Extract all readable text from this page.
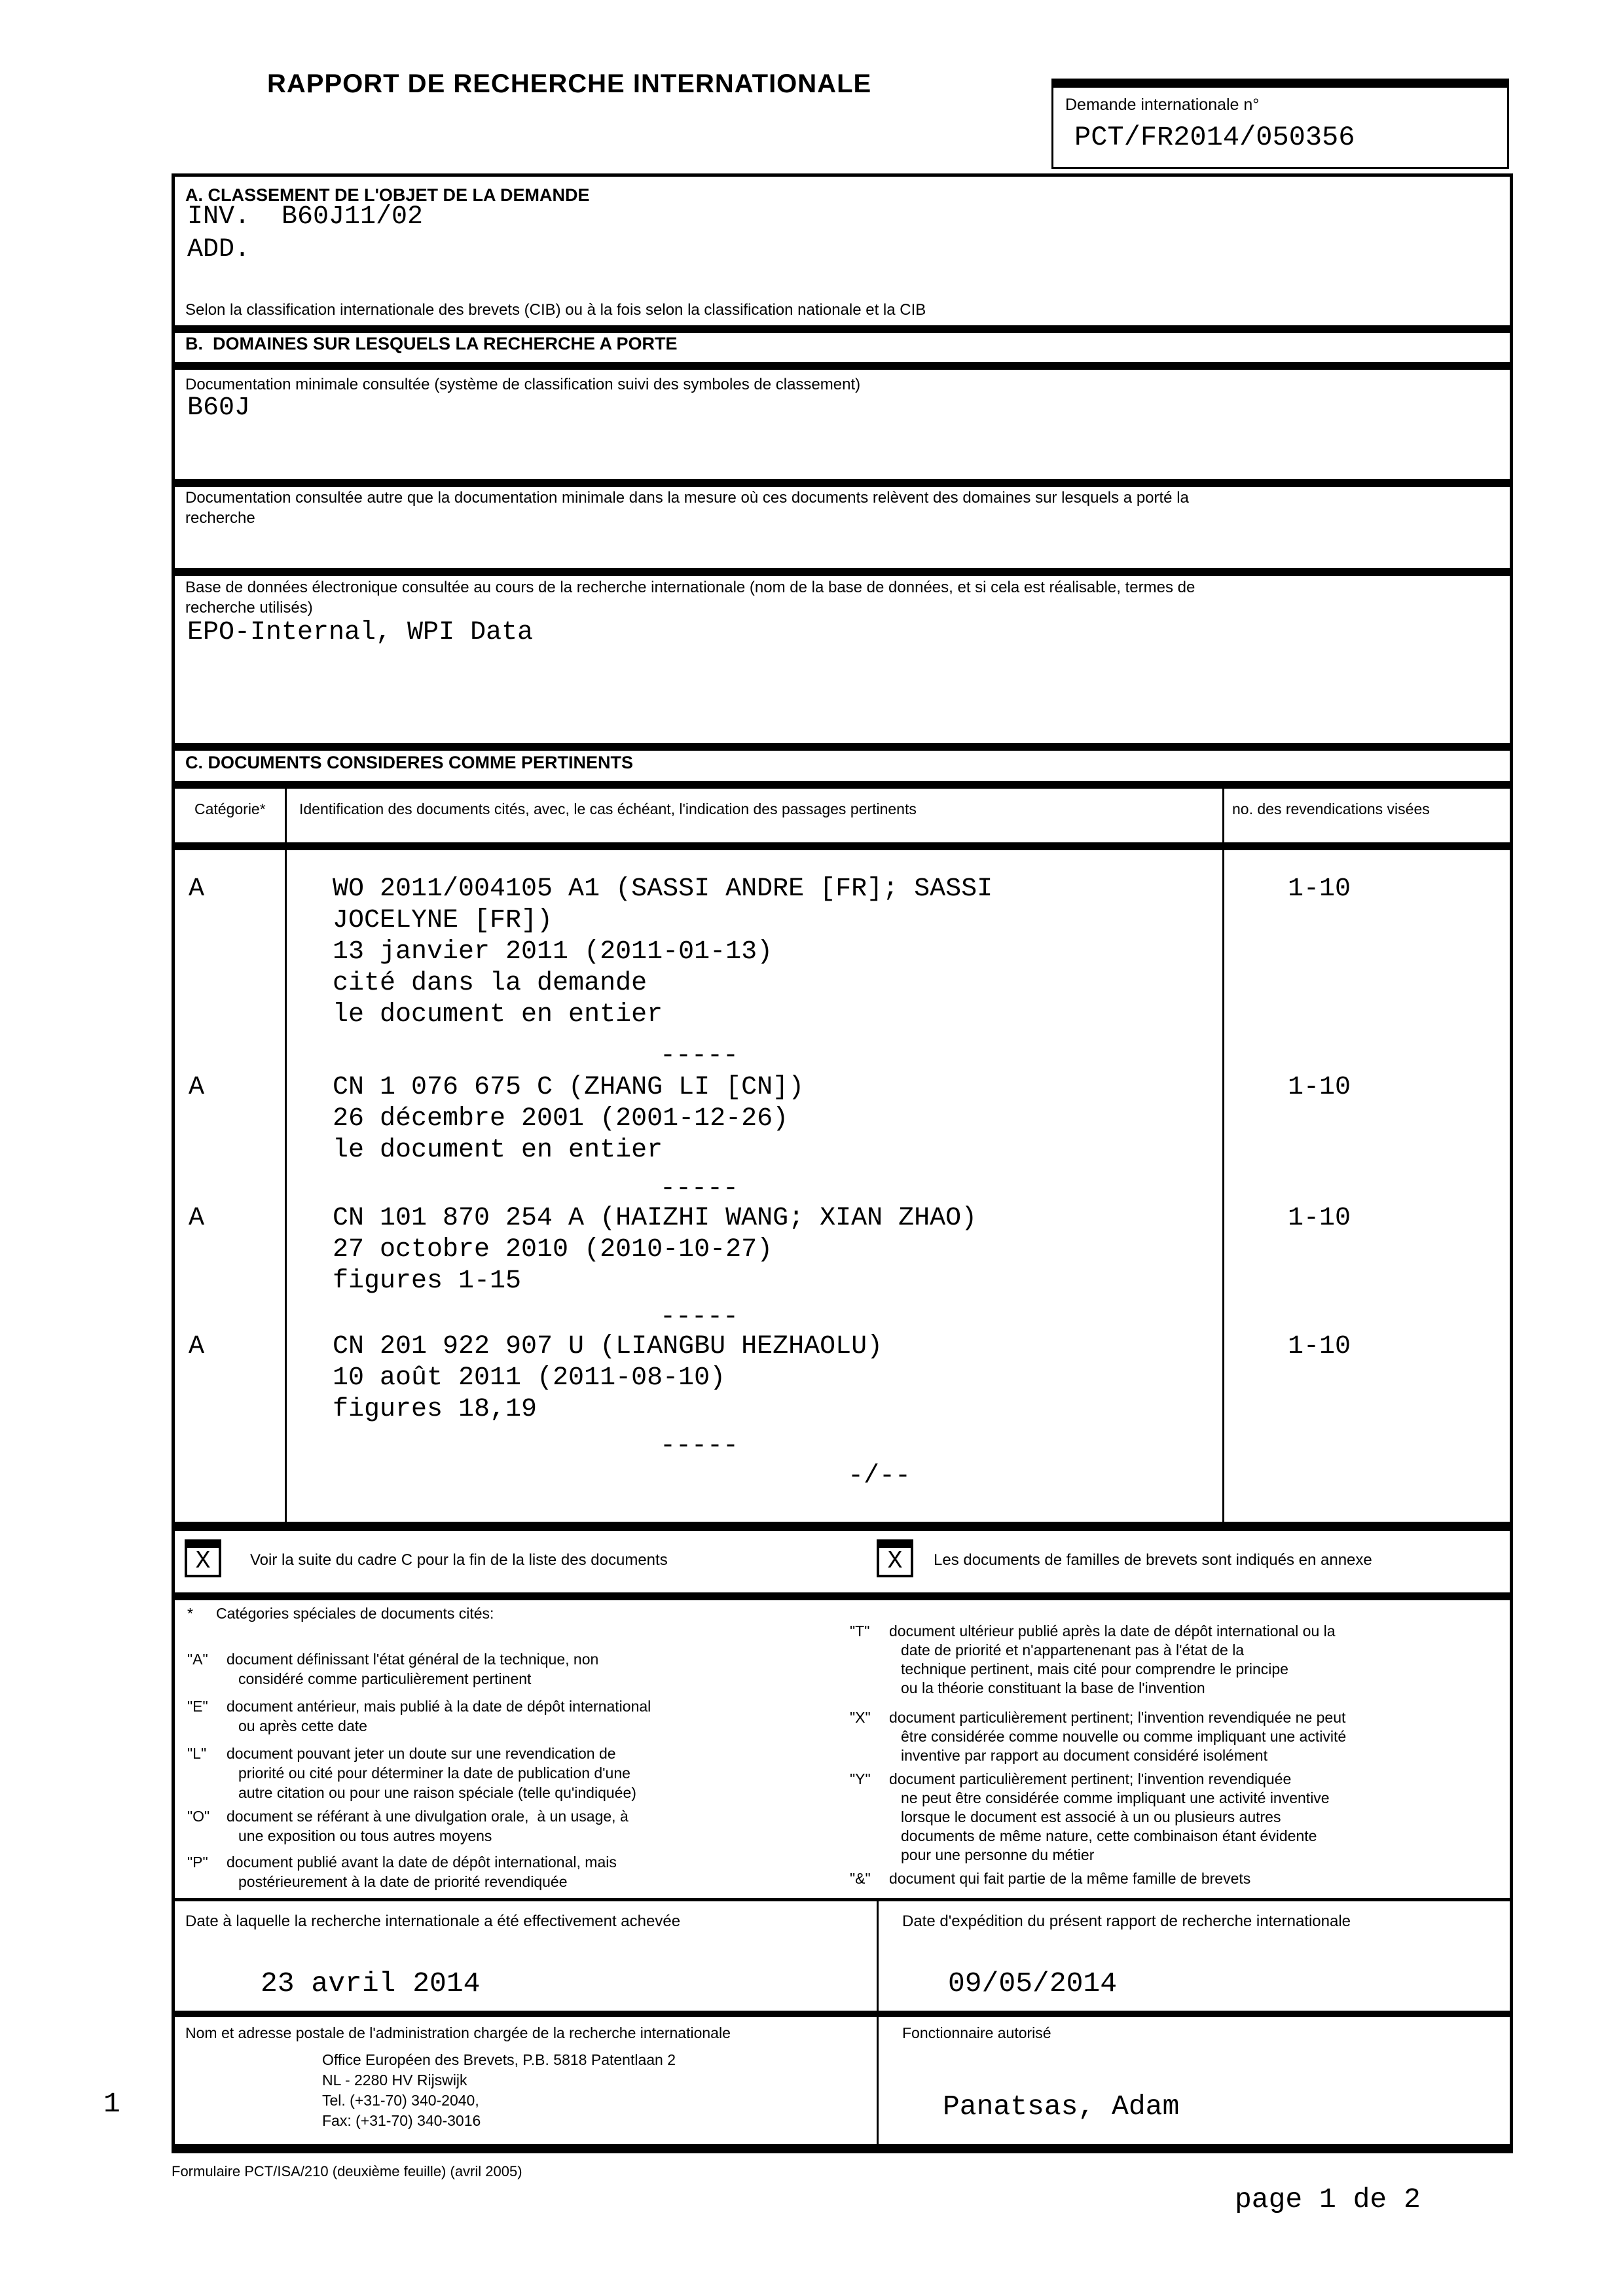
RAPPORT DE RECHERCHE INTERNATIONALE
Demande internationale n°
PCT/FR2014/050356
A. CLASSEMENT DE L'OBJET DE LA DEMANDE
INV.  B60J11/02
ADD.
Selon la classification internationale des brevets (CIB) ou à la fois selon la classification nationale et la CIB
B.  DOMAINES SUR LESQUELS LA RECHERCHE A PORTE
Documentation minimale consultée (système de classification suivi des symboles de classement)
B60J
Documentation consultée autre que la documentation minimale dans la mesure où ces documents relèvent des domaines sur lesquels a porté la
recherche
Base de données électronique consultée au cours de la recherche internationale (nom de la base de données, et si cela est réalisable, termes de
recherche utilisés)
EPO-Internal, WPI Data
C. DOCUMENTS CONSIDERES COMME PERTINENTS
Catégorie* Identification des documents cités, avec, le cas échéant, l'indication des passages pertinents	no. des revendications visées
A	WO 2011/004105 A1 (SASSI ANDRE [FR]; SASSI
JOCELYNE [FR])
13 janvier 2011 (2011-01-13)
cité dans la demande
le document en entier
1-10
-----
A	CN 1 076 675 C (ZHANG LI [CN])
26 décembre 2001 (2001-12-26)
le document en entier
1-10
-----
A	CN 101 870 254 A (HAIZHI WANG; XIAN ZHAO)
27 octobre 2010 (2010-10-27)
figures 1-15
1-10
-----
A	CN 201 922 907 U (LIANGBU HEZHAOLU)
10 août 2011 (2011-08-10)
figures 18,19
1-10
-----
-/--
X	Voir la suite du cadre C pour la fin de la liste des documents	X Les documents de familles de brevets sont indiqués en annexe
* Catégories spéciales de documents cités:
"A" document définissant l'état général de la technique, non
considéré comme particulièrement pertinent
"E" document antérieur, mais publié à la date de dépôt international
ou après cette date
"L" document pouvant jeter un doute sur une revendication de
priorité ou cité pour déterminer la date de publication d'une
autre citation ou pour une raison spéciale (telle qu'indiquée)
"O" document se référant à une divulgation orale,  à un usage, à
une exposition ou tous autres moyens
"P" document publié avant la date de dépôt international, mais
postérieurement à la date de priorité revendiquée
"T" document ultérieur publié après la date de dépôt international ou la
date de priorité et n'appartenenant pas à l'état de la
technique pertinent, mais cité pour comprendre le principe
ou la théorie constituant la base de l'invention
"X" document particulièrement pertinent; l'invention revendiquée ne peut
être considérée comme nouvelle ou comme impliquant une activité
inventive par rapport au document considéré isolément
"Y" document particulièrement pertinent; l'invention revendiquée
ne peut être considérée comme impliquant une activité inventive
lorsque le document est associé à un ou plusieurs autres
documents de même nature, cette combinaison étant évidente
pour une personne du métier
"&" document qui fait partie de la même famille de brevets
Date à laquelle la recherche internationale a été effectivement achevée
23 avril 2014
Date d'expédition du présent rapport de recherche internationale
09/05/2014
Nom et adresse postale de l'administration chargée de la recherche internationale
Office Européen des Brevets, P.B. 5818 Patentlaan 2
NL - 2280 HV Rijswijk
Tel. (+31-70) 340-2040,
Fax: (+31-70) 340-3016
Fonctionnaire autorisé
Panatsas, Adam
1
Formulaire PCT/ISA/210 (deuxième feuille) (avril 2005)
page 1 de 2
